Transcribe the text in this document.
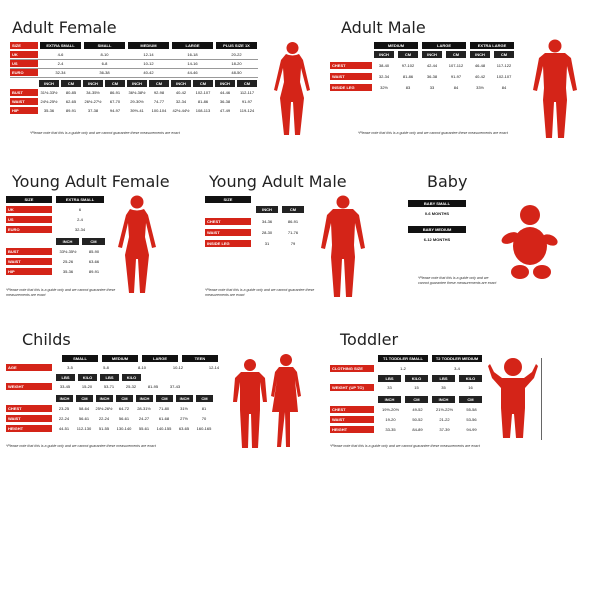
Adult Female
SIZE	EXTRA SMALL	SMALL	MEDIUM	LARGE	PLUS SIZE 1X
UK	4-6	8-10	12-14	16-18	20-22
US	2-4	6-8	10-12	14-16	18-20
EURO	32-34	36-38	40-42	44-46	48-50
INCH	CM	INCH	CM	INCH	CM	INCH	CM	INCH	CM
BUST	31½-33½	80-85	34-35½	86-91	36½-38½	92-98	40-42	102-107	44-46	112-117
WAIST	24½-25½	62-65	26½-27½	67-70	29-30½	74-77	32-34	81-86	36-38	91-97
HIP	35-36	89-91	37-38	94-97	39½-41	100-104	42½-44½	108-113	47-49	119-124
*Please note that this is a guide only and we cannot guarantee these measurements are exact
Adult Male
MEDIUM	LARGE	EXTRA LARGE
INCH	CM	INCH	CM	INCH	CM
CHEST	38-40	97-102	42-44	107-112	46-48	117-122
WAIST	32-34	81-86	36-38	91-97	40-42	102-107
INSIDE LEG	32½	83	33	84	33½	84
*Please note that this is a guide only and we cannot guarantee these measurements are exact
Young Adult Female
SIZE	EXTRA SMALL
UK	6
US	2-4
EURO	32-34
INCH	CM
BUST	33½-35½	85-90
WAIST	25-26	63-66
HIP	35-36	89-91
*Please note that this is a guide only and we cannot guarantee these measurements are exact
Young Adult Male
SIZE
INCH	CM
CHEST	34-36	86-91
WAIST	28-30	71-76
INSIDE LEG	31	79
*Please note that this is a guide only and we cannot guarantee these measurements are exact
Baby
BABY SMALL
0-6 MONTHS
BABY MEDIUM
6-12 MONTHS
*Please note that this is a guide only and we cannot guarantee these measurements are exact
Childs
SMALL	MEDIUM	LARGE	TEEN
AGE	3-5	5-8	8-10	10-12	12-14
LBS	KILO	LBS	KILO
WEIGHT	33-45	15-20	53-71	25-32	81-95	37-43
INCH	CM	INCH	CM	INCH	CM	INCH	CM
CHEST	23-25	58-64	25½-26½	64-72	28-31½	71-80	31½	81
WAIST	22-24	56-61	22-24	56-61	24-27	61-68	27½	70
HEIGHT	44-51	112-130	51-55	130-140	55-61	140-155	63-65	160-165
*Please note that this is a guide only and we cannot guarantee these measurements are exact
Toddler
T1 TODDLER SMALL	T2 TODDLER MEDIUM
CLOTHING SIZE	1-2	3-4
LBS	KILO	LBS	KILO
WEIGHT (UP TO)	33	15	35	16
INCH	CM	INCH	CM
CHEST	19½-20½	49-52	21½-22½	55-58
WAIST	19-20	50-52	21-22	53-56
HEIGHT	33-35	84-89	37-39	94-99
*Please note that this is a guide only and we cannot guarantee these measurements are exact
